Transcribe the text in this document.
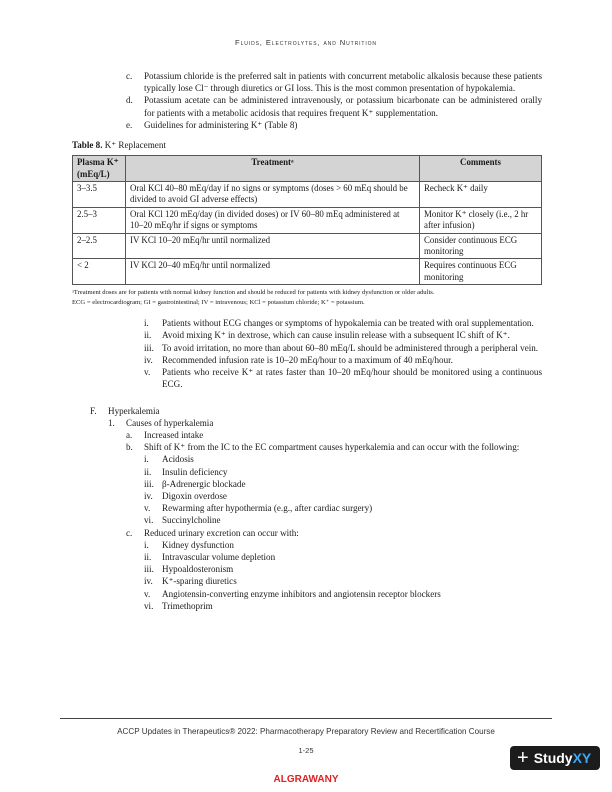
Fluids, Electrolytes, and Nutrition
c.	Potassium chloride is the preferred salt in patients with concurrent metabolic alkalosis because these patients typically lose Cl⁻ through diuretics or GI loss. This is the most common presentation of hypokalemia.
d.	Potassium acetate can be administered intravenously, or potassium bicarbonate can be administered orally for patients with a metabolic acidosis that requires frequent K⁺ supplementation.
e.	Guidelines for administering K⁺ (Table 8)
Table 8. K⁺ Replacement
Plasma K⁺ (mEq/L)	Treatmentᵃ	Comments
3–3.5	Oral KCl 40–80 mEq/day if no signs or symptoms (doses > 60 mEq should be divided to avoid GI adverse effects)	Recheck K⁺ daily
2.5–3	Oral KCl 120 mEq/day (in divided doses) or IV 60–80 mEq administered at 10–20 mEq/hr if signs or symptoms	Monitor K⁺ closely (i.e., 2 hr after infusion)
2–2.5	IV KCl 10–20 mEq/hr until normalized	Consider continuous ECG monitoring
< 2	IV KCl 20–40 mEq/hr until normalized	Requires continuous ECG monitoring
ᵃTreatment doses are for patients with normal kidney function and should be reduced for patients with kidney dysfunction or older adults.
ECG = electrocardiogram; GI = gastrointestinal; IV = intravenous; KCl = potassium chloride; K⁺ = potassium.
i.	Patients without ECG changes or symptoms of hypokalemia can be treated with oral supplementation.
ii.	Avoid mixing K⁺ in dextrose, which can cause insulin release with a subsequent IC shift of K⁺.
iii. To avoid irritation, no more than about 60–80 mEq/L should be administered through a peripheral vein.
iv.	Recommended infusion rate is 10–20 mEq/hour to a maximum of 40 mEq/hour.
v.	Patients who receive K⁺ at rates faster than 10–20 mEq/hour should be monitored using a continuous ECG.
F.	Hyperkalemia
1.	Causes of hyperkalemia
a.	Increased intake
b.	Shift of K⁺ from the IC to the EC compartment causes hyperkalemia and can occur with the following:
i.	Acidosis
ii.	Insulin deficiency
iii. β-Adrenergic blockade
iv.	Digoxin overdose
v.	Rewarming after hypothermia (e.g., after cardiac surgery)
vi. Succinylcholine
c.	Reduced urinary excretion can occur with:
i.	Kidney dysfunction
ii.	Intravascular volume depletion
iii. Hypoaldosteronism
iv.	K⁺-sparing diuretics
v.	Angiotensin-converting enzyme inhibitors and angiotensin receptor blockers
vi. Trimethoprim
ACCP Updates in Therapeutics® 2022: Pharmacotherapy Preparatory Review and Recertification Course
1-25	+ Study XY
ALGRAWANY
